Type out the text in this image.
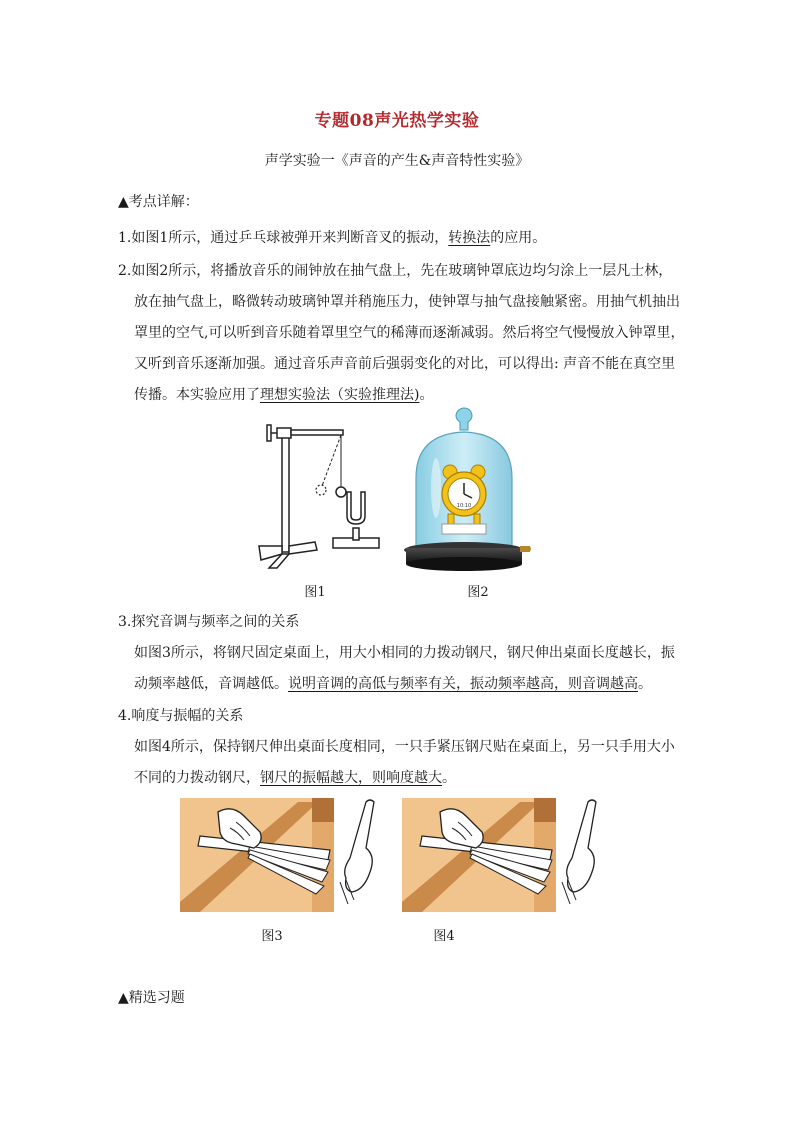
专题08声光热学实验
声学实验一《声音的产生&声音特性实验》
▲考点详解：
1.如图1所示，通过乒乓球被弹开来判断音叉的振动，转换法的应用。
2.如图2所示，将播放音乐的闹钟放在抽气盘上，先在玻璃钟罩底边均匀涂上一层凡士林，
放在抽气盘上，略微转动玻璃钟罩并稍施压力，使钟罩与抽气盘接触紧密。用抽气机抽出
罩里的空气,可以听到音乐随着罩里空气的稀薄而逐渐减弱。然后将空气慢慢放入钟罩里，
又听到音乐逐渐加强。通过音乐声音前后强弱变化的对比，可以得出: 声音不能在真空里
传播。本实验应用了理想实验法（实验推理法)。
10:10
图1	图2
3.探究音调与频率之间的关系
如图3所示，将钢尺固定桌面上，用大小相同的力拨动钢尺，钢尺伸出桌面长度越长，振
动频率越低，音调越低。说明音调的高低与频率有关，振动频率越高，则音调越高。
4.响度与振幅的关系
如图4所示，保持钢尺伸出桌面长度相同，一只手紧压钢尺贴在桌面上，另一只手用大小
不同的力拨动钢尺，钢尺的振幅越大，则响度越大。
图3	图4
▲精选习题
